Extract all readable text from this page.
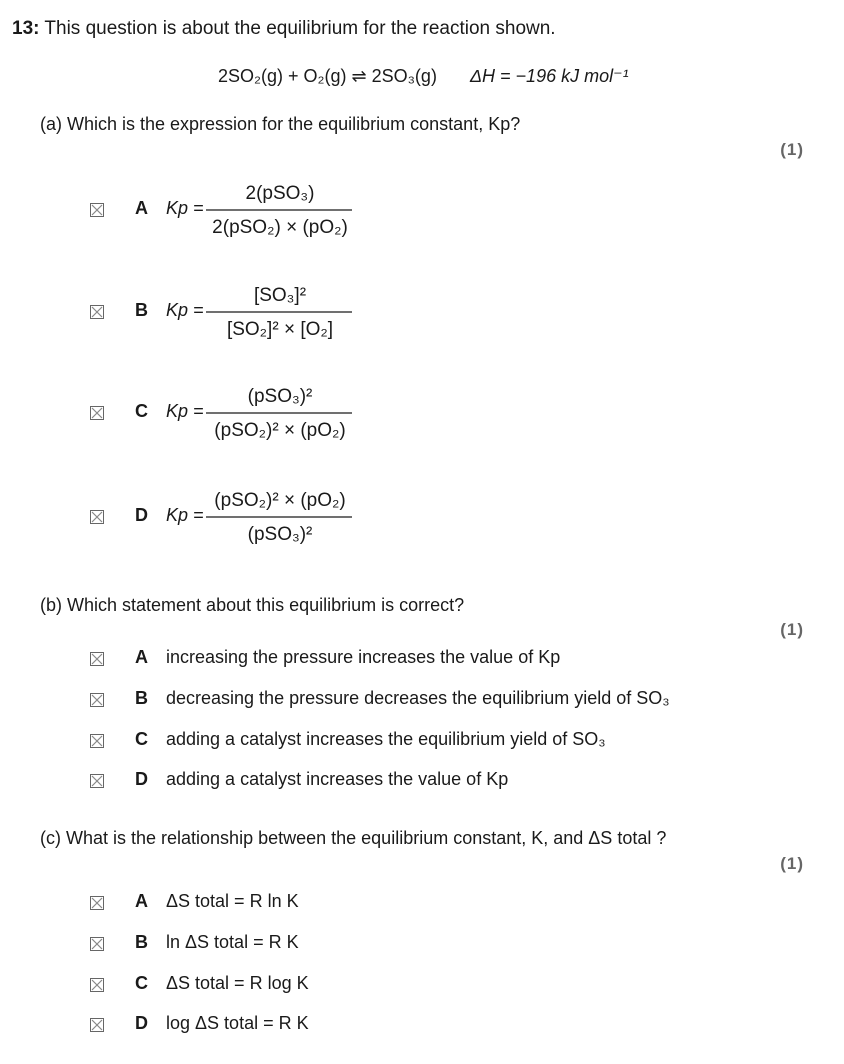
13: This question is about the equilibrium for the reaction shown.
2SO₂(g) + O₂(g) ⇌ 2SO₃(g) ΔH = −196 kJ mol⁻¹
(a) Which is the expression for the equilibrium constant, Kp?
(1)
A Kp =
2(pSO₃)
2(pSO₂) × (pO₂)
B Kp =
[SO₃]²
[SO₂]² × [O₂]
C Kp =
(pSO₃)²
(pSO₂)² × (pO₂)
D Kp =
(pSO₂)² × (pO₂)
(pSO₃)²
(b) Which statement about this equilibrium is correct?
(1)
A increasing the pressure increases the value of Kp
B decreasing the pressure decreases the equilibrium yield of SO₃
C adding a catalyst increases the equilibrium yield of SO₃
D adding a catalyst increases the value of Kp
(c) What is the relationship between the equilibrium constant, K, and ΔS total ?
(1)
A ΔS total = R ln K
B ln ΔS total = R K
C ΔS total = R log K
D log ΔS total = R K
